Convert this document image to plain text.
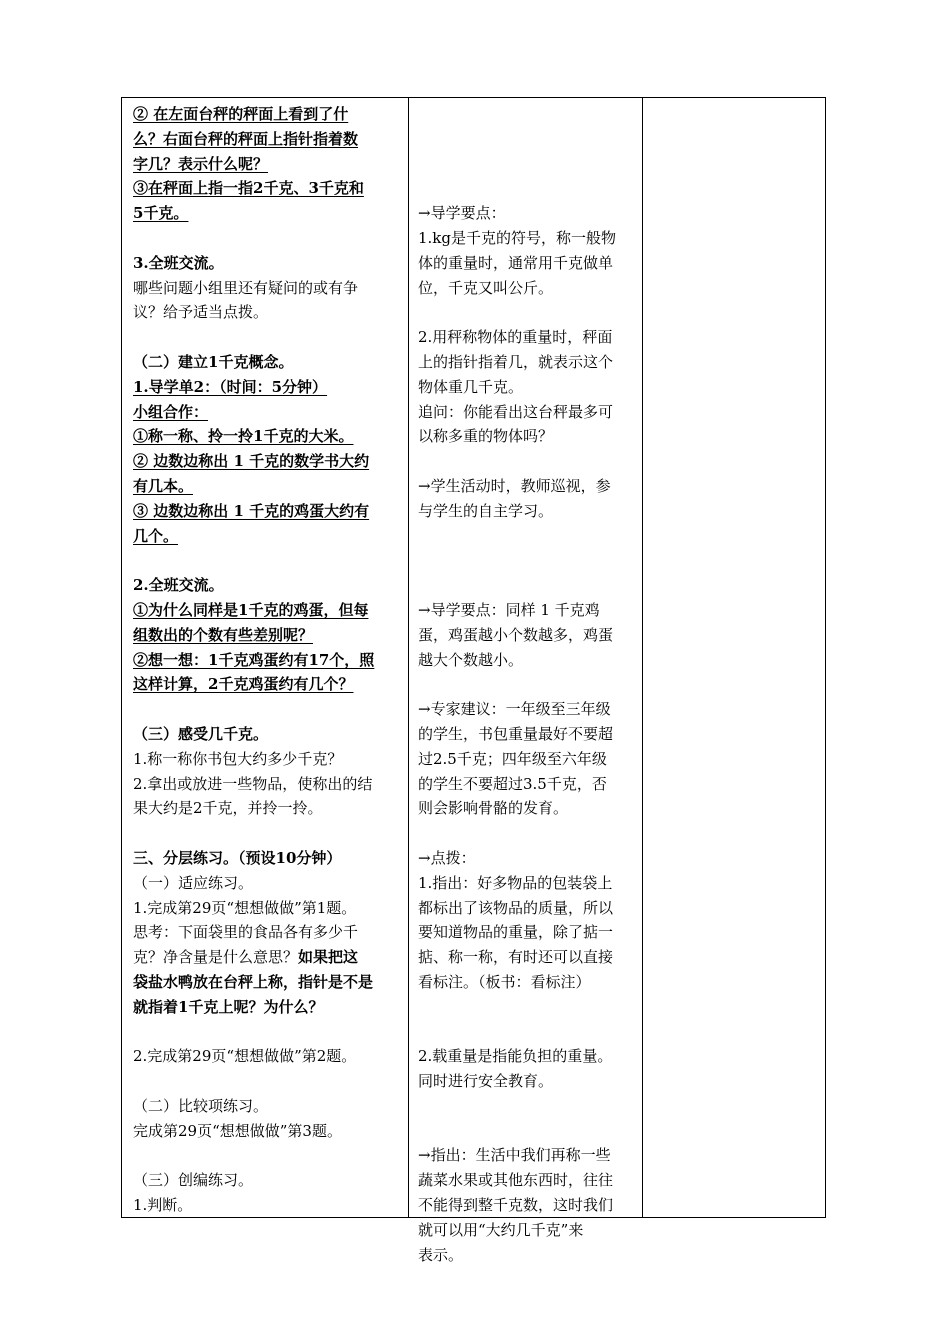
② 在左面台秤的秤面上看到了什
么？右面台秤的秤面上指针指着数
字几？表示什么呢？
③在秤面上指一指2千克、3千克和
5千克。
3.全班交流。
哪些问题小组里还有疑问的或有争
议？给予适当点拨。
（二）建立1千克概念。
1.导学单2：（时间：5分钟）
小组合作：
①称一称、拎一拎1千克的大米。
② 边数边称出 1 千克的数学书大约
有几本。
③ 边数边称出 1 千克的鸡蛋大约有
几个。
2.全班交流。
①为什么同样是1千克的鸡蛋，但每
组数出的个数有些差别呢？
②想一想：1千克鸡蛋约有17个，照
这样计算，2千克鸡蛋约有几个？
（三）感受几千克。
1.称一称你书包大约多少千克？
2.拿出或放进一些物品，使称出的结
果大约是2千克，并拎一拎。
三、分层练习。（预设10分钟）
（一）适应练习。
1.完成第29页“想想做做”第1题。
思考：下面袋里的食品各有多少千
克？净含量是什么意思？如果把这
袋盐水鸭放在台秤上称，指针是不是
就指着1千克上呢？为什么？
2.完成第29页“想想做做”第2题。
（二）比较项练习。
完成第29页“想想做做”第3题。
（三）创编练习。
1.判断。
→导学要点：
1.kg是千克的符号，称一般物
体的重量时，通常用千克做单
位，千克又叫公斤。
2.用秤称物体的重量时，秤面
上的指针指着几，就表示这个
物体重几千克。
追问：你能看出这台秤最多可
以称多重的物体吗？
→学生活动时，教师巡视，参
与学生的自主学习。
→导学要点：同样 1 千克鸡
蛋，鸡蛋越小个数越多，鸡蛋
越大个数越小。
→专家建议：一年级至三年级
的学生，书包重量最好不要超
过2.5千克；四年级至六年级
的学生不要超过3.5千克，否
则会影响骨骼的发育。
→点拨：
1.指出：好多物品的包装袋上
都标出了该物品的质量，所以
要知道物品的重量，除了掂一
掂、称一称，有时还可以直接
看标注。（板书：看标注）
2.载重量是指能负担的重量。
同时进行安全教育。
→指出：生活中我们再称一些
蔬菜水果或其他东西时，往往
不能得到整千克数，这时我们
就可以用“大约几千克”来
表示。
